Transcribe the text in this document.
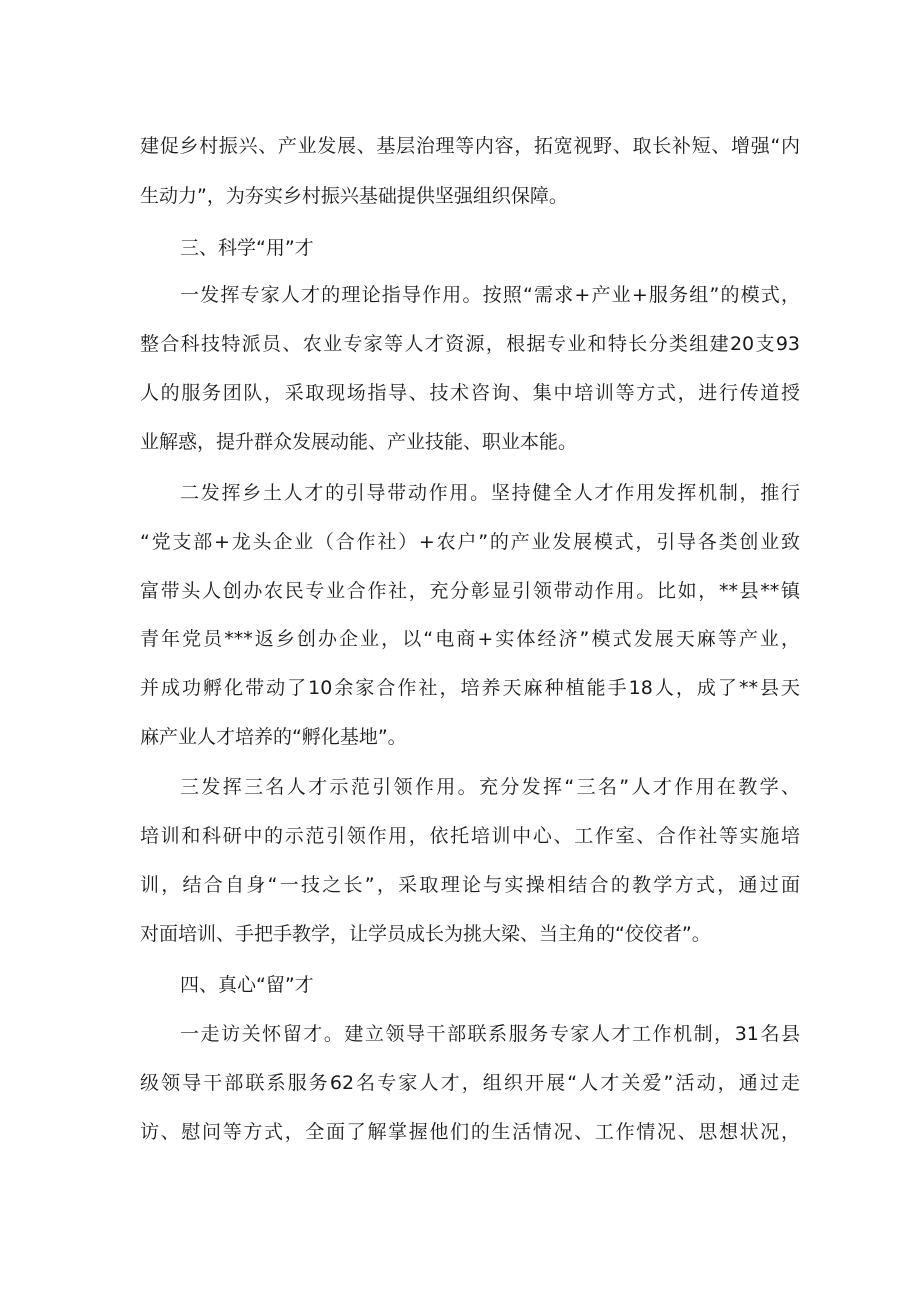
建促乡村振兴、产业发展、基层治理等内容，拓宽视野、取长补短、增强“内

生动力”，为夯实乡村振兴基础提供坚强组织保障。

三、科学“用”才

一发挥专家人才的理论指导作用。按照“需求+产业+服务组”的模式，

整合科技特派员、农业专家等人才资源，根据专业和特长分类组建20支93

人的服务团队，采取现场指导、技术咨询、集中培训等方式，进行传道授

业解惑，提升群众发展动能、产业技能、职业本能。

二发挥乡土人才的引导带动作用。坚持健全人才作用发挥机制，推行

“党支部+龙头企业（合作社）+农户”的产业发展模式，引导各类创业致

富带头人创办农民专业合作社，充分彰显引领带动作用。比如，**县**镇

青年党员***返乡创办企业，以“电商+实体经济”模式发展天麻等产业，

并成功孵化带动了10余家合作社，培养天麻种植能手18人，成了**县天

麻产业人才培养的“孵化基地”。

三发挥三名人才示范引领作用。充分发挥“三名”人才作用在教学、

培训和科研中的示范引领作用，依托培训中心、工作室、合作社等实施培

训，结合自身“一技之长”，采取理论与实操相结合的教学方式，通过面

对面培训、手把手教学，让学员成长为挑大梁、当主角的“佼佼者”。

四、真心“留”才

一走访关怀留才。建立领导干部联系服务专家人才工作机制，31名县

级领导干部联系服务62名专家人才，组织开展“人才关爱”活动，通过走

访、慰问等方式，全面了解掌握他们的生活情况、工作情况、思想状况，
